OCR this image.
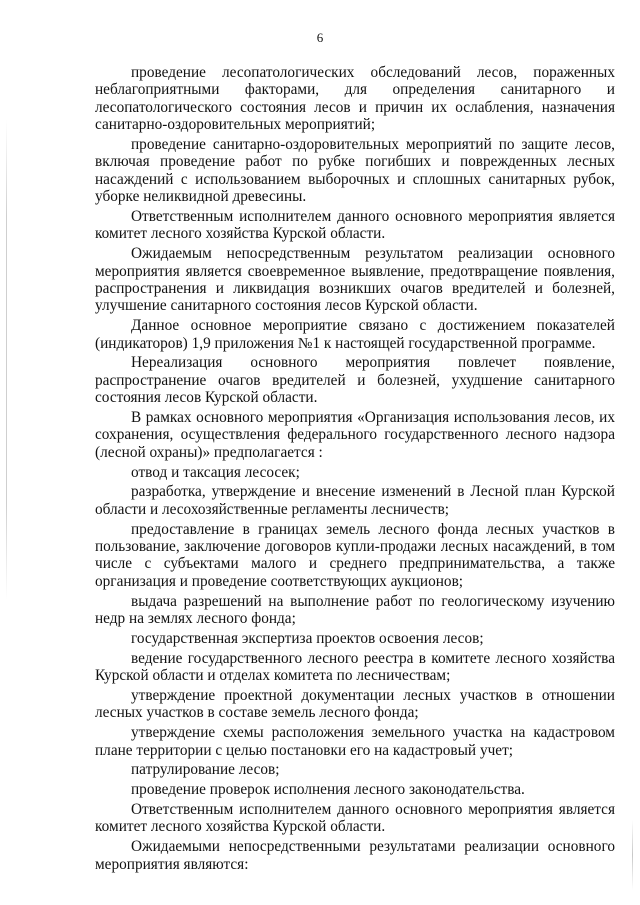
6

проведение лесопатологических обследований лесов, пораженных неблагоприятными факторами, для определения санитарного и лесопатологического состояния лесов и причин их ослабления, назначения санитарно-оздоровительных мероприятий;

проведение санитарно-оздоровительных мероприятий по защите лесов, включая проведение работ по рубке погибших и поврежденных лесных насаждений с использованием выборочных и сплошных санитарных рубок, уборке неликвидной древесины.

Ответственным исполнителем данного основного мероприятия является комитет лесного хозяйства Курской области.

Ожидаемым непосредственным результатом реализации основного мероприятия является своевременное выявление, предотвращение появления, распространения и ликвидация возникших очагов вредителей и болезней, улучшение санитарного состояния лесов Курской области.

Данное основное мероприятие связано с достижением показателей (индикаторов) 1,9 приложения №1 к настоящей государственной программе.

Нереализация основного мероприятия повлечет появление, распространение очагов вредителей и болезней, ухудшение санитарного состояния лесов Курской области.

В рамках основного мероприятия «Организация использования лесов, их сохранения, осуществления федерального государственного лесного надзора (лесной охраны)» предполагается :

отвод и таксация лесосек;

разработка, утверждение и внесение изменений в Лесной план Курской области и лесохозяйственные регламенты лесничеств;

предоставление в границах земель лесного фонда лесных участков в пользование, заключение договоров купли-продажи лесных насаждений, в том числе с субъектами малого и среднего предпринимательства, а также организация и проведение соответствующих аукционов;

выдача разрешений на выполнение работ по геологическому изучению недр на землях лесного фонда;

государственная экспертиза проектов освоения лесов;

ведение государственного лесного реестра в комитете лесного хозяйства Курской области и отделах комитета по лесничествам;

утверждение проектной документации лесных участков в отношении лесных участков в составе земель лесного фонда;

утверждение схемы расположения земельного участка на кадастровом плане территории с целью постановки его на кадастровый учет;

патрулирование лесов;

проведение проверок исполнения лесного законодательства.

Ответственным исполнителем данного основного мероприятия является комитет лесного хозяйства Курской области.

Ожидаемыми непосредственными результатами реализации основного мероприятия являются:
